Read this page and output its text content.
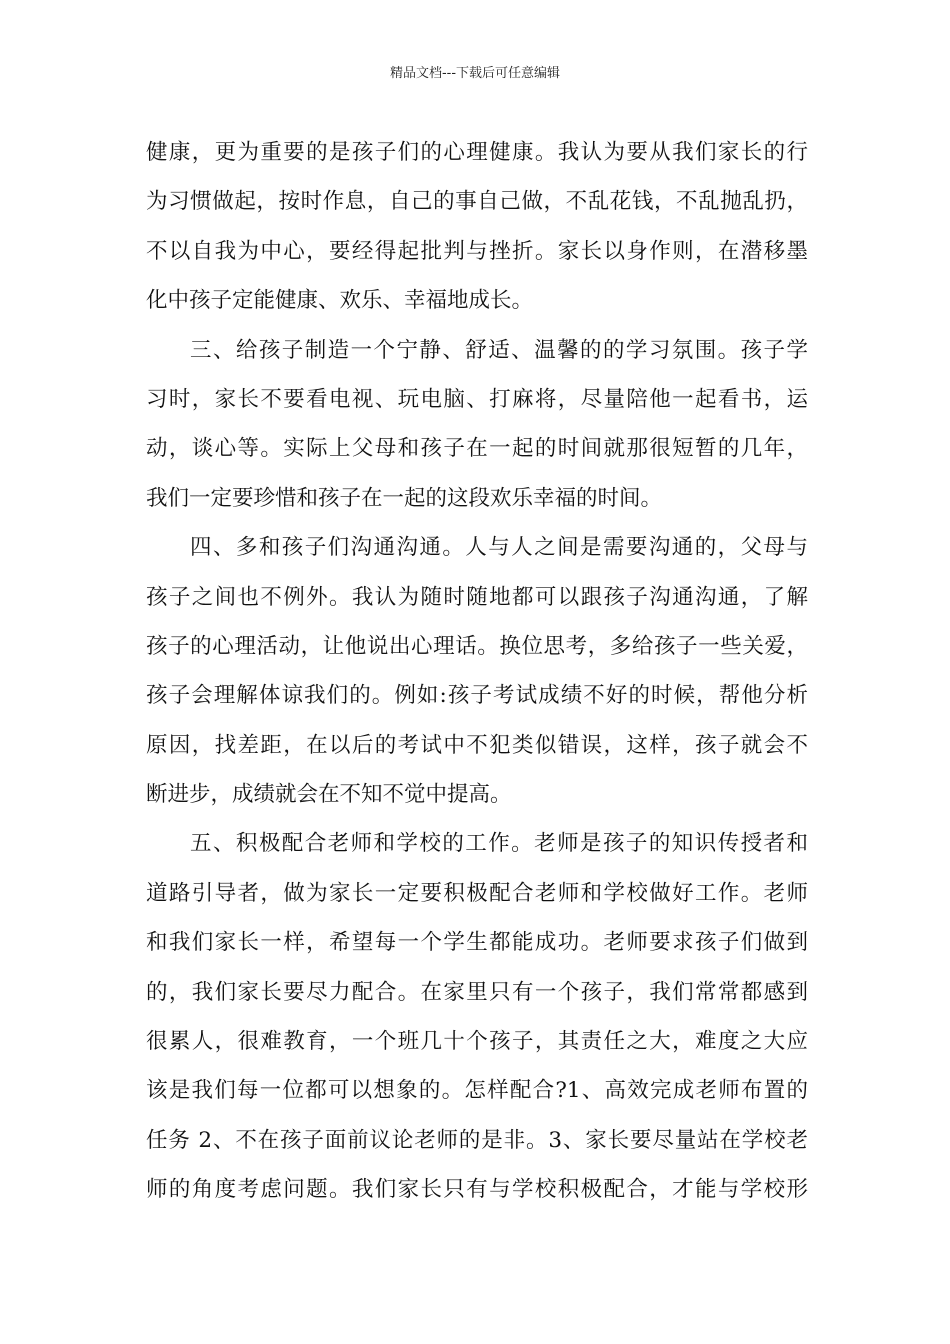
精品文档---下载后可任意编辑
健康，更为重要的是孩子们的心理健康。我认为要从我们家长的行
为习惯做起，按时作息，自己的事自己做，不乱花钱，不乱抛乱扔，
不以自我为中心，要经得起批判与挫折。家长以身作则，在潜移墨
化中孩子定能健康、欢乐、幸福地成长。
三、给孩子制造一个宁静、舒适、温馨的的学习氛围。孩子学
习时，家长不要看电视、玩电脑、打麻将，尽量陪他一起看书，运
动，谈心等。实际上父母和孩子在一起的时间就那很短暂的几年，
我们一定要珍惜和孩子在一起的这段欢乐幸福的时间。
四、多和孩子们沟通沟通。人与人之间是需要沟通的，父母与
孩子之间也不例外。我认为随时随地都可以跟孩子沟通沟通，了解
孩子的心理活动，让他说出心理话。换位思考，多给孩子一些关爱，
孩子会理解体谅我们的。例如:孩子考试成绩不好的时候，帮他分析
原因，找差距，在以后的考试中不犯类似错误，这样，孩子就会不
断进步，成绩就会在不知不觉中提高。
五、积极配合老师和学校的工作。老师是孩子的知识传授者和
道路引导者，做为家长一定要积极配合老师和学校做好工作。老师
和我们家长一样，希望每一个学生都能成功。老师要求孩子们做到
的，我们家长要尽力配合。在家里只有一个孩子，我们常常都感到
很累人，很难教育，一个班几十个孩子，其责任之大，难度之大应
该是我们每一位都可以想象的。怎样配合?1、高效完成老师布置的
任务 2、不在孩子面前议论老师的是非。3、家长要尽量站在学校老
师的角度考虑问题。我们家长只有与学校积极配合，才能与学校形
